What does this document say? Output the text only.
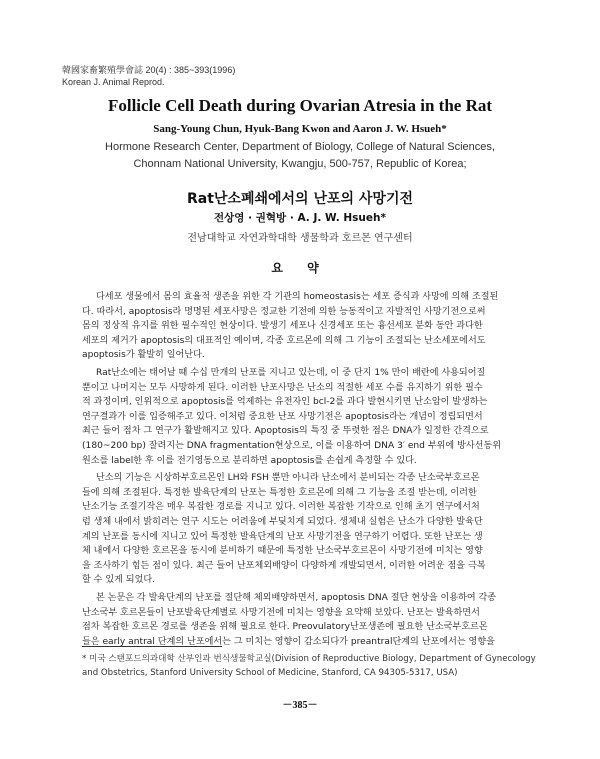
韓國家畜繁殖學會誌 20(4) : 385~393(1996)
Korean J. Animal Reprod.
Follicle Cell Death during Ovarian Atresia in the Rat
Sang-Young Chun, Hyuk-Bang Kwon and Aaron J. W. Hsueh*
Hormone Research Center, Department of Biology, College of Natural Sciences,
Chonnam National University, Kwangju, 500-757, Republic of Korea;
Rat난소폐쇄에서의 난포의 사망기전
전상영 · 권혁방 · A. J. W. Hsueh*
전남대학교 자연과학대학 생물학과 호르몬 연구센터
요 약
다세포 생물에서 몸의 효율적 생존을 위한 각 기관의 homeostasis는 세포 증식과 사망에 의해 조절된
다. 따라서, apoptosis라 명명된 세포사망은 정교한 기전에 의한 능동적이고 자발적인 사망기전으로써
몸의 정상적 유지를 위한 필수적인 현상이다. 발생기 세포나 신경세포 또는 흉선세포 분화 동안 과다한
세포의 제거가 apoptosis의 대표적인 예이며, 각종 호르몬에 의해 그 기능이 조절되는 난소세포에서도
apoptosis가 활발히 일어난다.
Rat난소에는 태어날 때 수십 만개의 난포를 지니고 있는데, 이 중 단지 1% 만이 배란에 사용되어질
뿐이고 나머지는 모두 사망하게 된다. 이러한 난포사망은 난소의 적절한 세포 수를 유지하기 위한 필수
적 과정이며, 인위적으로 apoptosis를 억제하는 유전자인 bcl-2를 과다 발현시키면 난소암이 발생하는
연구결과가 이를 입증해주고 있다. 이처럼 중요한 난포 사망기전은 apoptosis라는 개념이 정립되면서
최근 들어 점차 그 연구가 활발해지고 있다. Apoptosis의 특징 중 뚜렷한 점은 DNA가 일정한 간격으로
(180~200 bp) 잘려지는 DNA fragmentation현상으로, 이를 이용하여 DNA 3′ end 부위에 방사선동위
원소를 label한 후 이를 전기영동으로 분리하면 apoptosis를 손쉽게 측정할 수 있다.
난소의 기능은 시상하부호르몬인 LH와 FSH 뿐만 아니라 난소에서 분비되는 각종 난소국부호르몬
들에 의해 조절된다. 특정한 발육단계의 난포는 특정한 호르몬에 의해 그 기능을 조절 받는데, 이러한
난소기능 조절기작은 매우 복잡한 경로를 지니고 있다. 이러한 복잡한 기작으로 인해 초기 연구에서처
럼 생체 내에서 밝히려는 연구 시도는 어려움에 부딪치게 되었다. 생체내 실험은 난소가 다양한 발육단
계의 난포를 동시에 지니고 있어 특정한 발육단계의 난포 사망기전을 연구하기 어렵다. 또한 난포는 생
체 내에서 다양한 호르몬을 동시에 분비하기 때문에 특정한 난소국부호르몬이 사망기전에 미치는 영향
을 조사하기 힘든 점이 있다. 최근 들어 난포체외배양이 다양하게 개발되면서, 이러한 어려운 점을 극복
할 수 있게 되었다.
본 논문은 각 발육단계의 난포를 절단해 체외배양하면서, apoptosis DNA 절단 현상을 이용하여 각종
난소국부 호르몬들이 난포발육단계별로 사망기전에 미치는 영향을 요약해 보았다. 난포는 발육하면서
점차 복잡한 호르몬 경로를 생존을 위해 필요로 한다. Preovulatory난포생존에 필요한 난소국부호르몬
들은 early antral 단계의 난포에서는 그 미치는 영향이 감소되다가 preantral단계의 난포에서는 영향을
* 미국 스탠포드의과대학 산부인과 번식생물학교실(Division of Reproductive Biology, Department of Gynecology and Obstetrics, Stanford University School of Medicine, Stanford, CA 94305-5317, USA)
－385－
